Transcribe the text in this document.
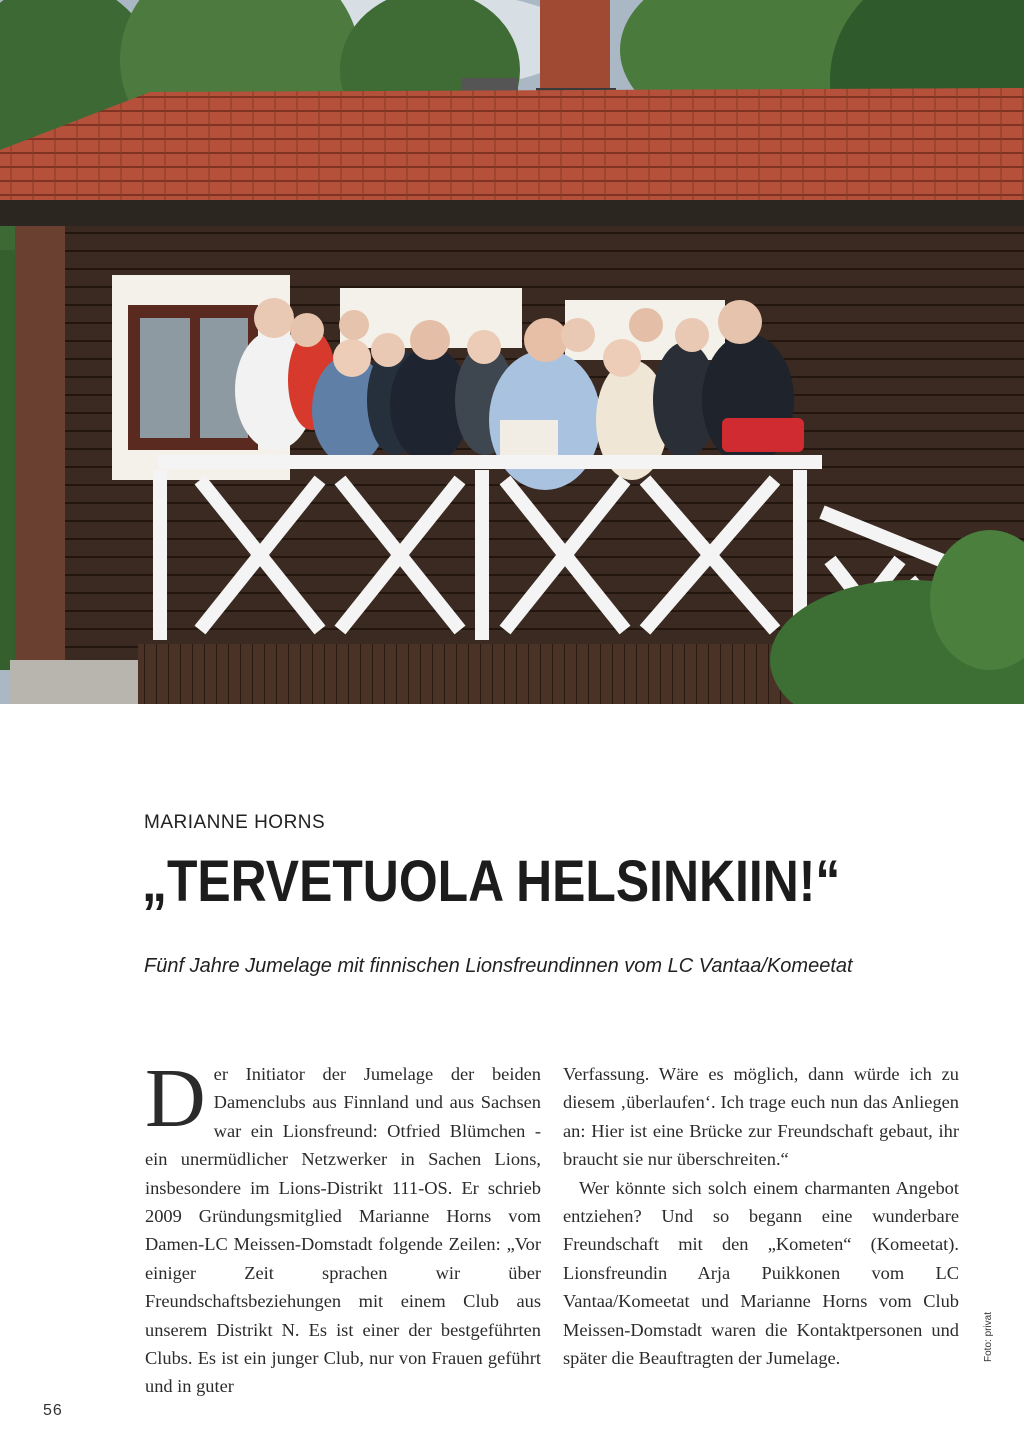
MARIANNE HORNS
„TERVETUOLA HELSINKIIN!“
Fünf Jahre Jumelage mit finnischen Lionsfreundinnen vom LC Vantaa/Komeetat

Der Initiator der Jumelage der beiden Damenclubs aus Finnland und aus Sachsen war ein Lionsfreund: Otfried Blümchen - ein unermüdlicher Netzwerker in Sachen Lions, insbesondere im Lions-Distrikt 111-OS. Er schrieb 2009 Gründungsmitglied Marianne Horns vom Damen-LC Meissen-Domstadt folgende Zeilen: „Vor einiger Zeit sprachen wir über Freundschaftsbeziehungen mit einem Club aus unserem Distrikt N. Es ist einer der bestgeführten Clubs. Es ist ein junger Club, nur von Frauen geführt und in guter

Verfassung. Wäre es möglich, dann würde ich zu diesem ‚überlaufen‘. Ich trage euch nun das Anliegen an: Hier ist eine Brücke zur Freundschaft gebaut, ihr braucht sie nur überschreiten.“

Wer könnte sich solch einem charmanten Angebot entziehen? Und so begann eine wunderbare Freundschaft mit den „Kometen“ (Komeetat). Lionsfreundin Arja Puikkonen vom LC Vantaa/Komeetat und Marianne Horns vom Club Meissen-Domstadt waren die Kontaktpersonen und später die Beauftragten der Jumelage.	Foto: privat
56
